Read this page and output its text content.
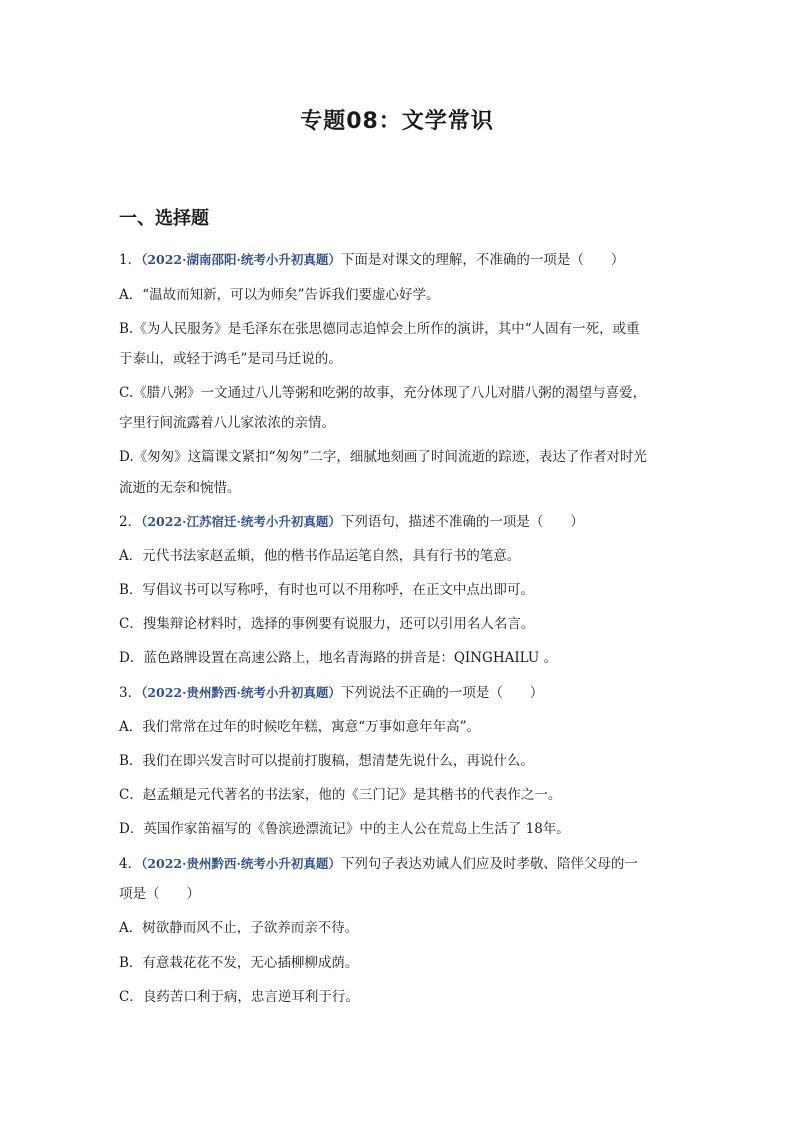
专题08：文学常识
一、选择题
1．（2022·湖南邵阳·统考小升初真题）下面是对课文的理解，不准确的一项是（　　）
A．“温故而知新，可以为师矣”告诉我们要虚心好学。
B.《为人民服务》是毛泽东在张思德同志追悼会上所作的演讲，其中“人固有一死，或重
于泰山，或轻于鸿毛”是司马迁说的。
C.《腊八粥》一文通过八儿等粥和吃粥的故事，充分体现了八儿对腊八粥的渴望与喜爱，
字里行间流露着八儿家浓浓的亲情。
D.《匆匆》这篇课文紧扣“匆匆”二字，细腻地刻画了时间流逝的踪迹，表达了作者对时光
流逝的无奈和惋惜。
2．（2022·江苏宿迁·统考小升初真题）下列语句，描述不准确的一项是（　　）
A．元代书法家赵孟頫，他的楷书作品运笔自然，具有行书的笔意。
B．写倡议书可以写称呼，有时也可以不用称呼，在正文中点出即可。
C．搜集辩论材料时，选择的事例要有说服力，还可以引用名人名言。
D．蓝色路牌设置在高速公路上，地名青海路的拼音是：QINGHAILU 。
3．（2022·贵州黔西·统考小升初真题）下列说法不正确的一项是（　　）
A．我们常常在过年的时候吃年糕，寓意“万事如意年年高”。
B．我们在即兴发言时可以提前打腹稿，想清楚先说什么，再说什么。
C．赵孟頫是元代著名的书法家，他的《三门记》是其楷书的代表作之一。
D．英国作家笛福写的《鲁滨逊漂流记》中的主人公在荒岛上生活了 18年。
4．（2022·贵州黔西·统考小升初真题）下列句子表达劝诫人们应及时孝敬、陪伴父母的一
项是（　　）
A．树欲静而风不止，子欲养而亲不待。
B．有意栽花花不发，无心插柳柳成荫。
C．良药苦口利于病，忠言逆耳利于行。
